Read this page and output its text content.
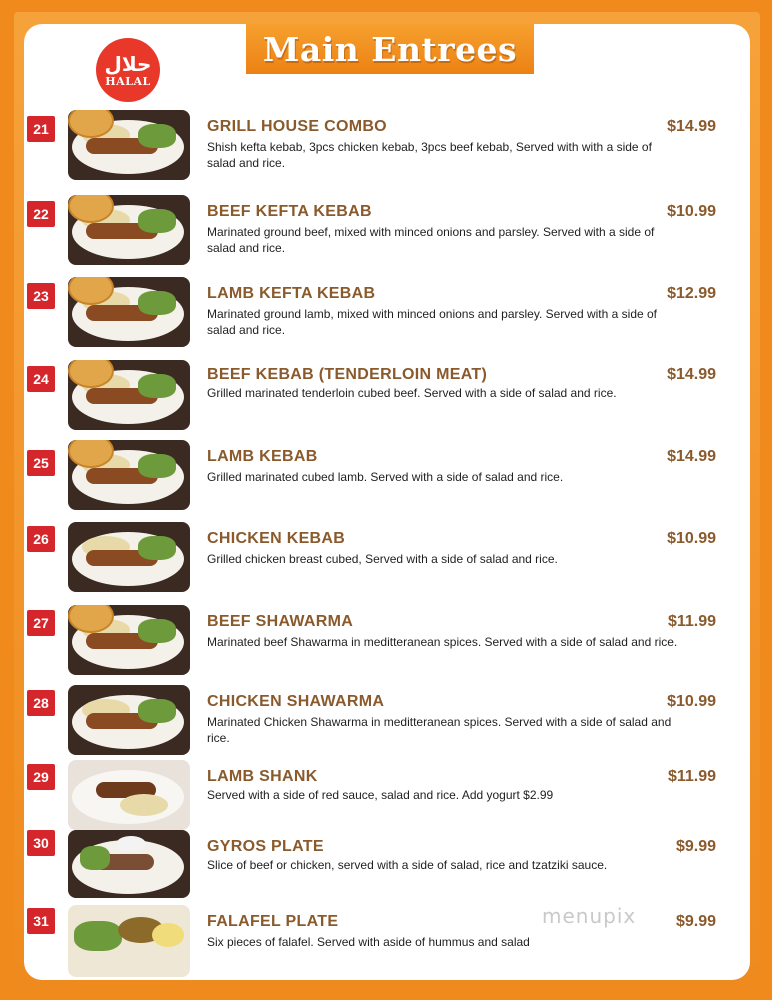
Main Entrees
حلال
HALAL
21	GRILL HOUSE COMBO	$14.99
Shish kefta kebab, 3pcs chicken kebab, 3pcs beef kebab, Served with with a side of salad and rice.
22	BEEF KEFTA KEBAB	$10.99
Marinated ground beef, mixed with minced onions and parsley. Served with a side of salad and rice.
23	LAMB KEFTA KEBAB	$12.99
Marinated ground lamb, mixed with minced onions and parsley. Served with a side of salad and rice.
24	BEEF KEBAB (TENDERLOIN MEAT)	$14.99
Grilled marinated tenderloin cubed beef. Served with a side of salad and rice.
25	LAMB KEBAB	$14.99
Grilled marinated cubed lamb. Served with a side of salad and rice.
26	CHICKEN KEBAB	$10.99
Grilled chicken breast cubed, Served with a side of salad and rice.
27	BEEF SHAWARMA	$11.99
Marinated beef Shawarma in meditteranean spices. Served with a side of salad and rice.
28	CHICKEN SHAWARMA	$10.99
Marinated Chicken Shawarma in meditteranean spices. Served with a side of salad and rice.
29	LAMB SHANK	$11.99
Served with a side of red sauce, salad and rice. Add yogurt $2.99
30	GYROS PLATE	$9.99
Slice of beef or chicken, served with a side of salad, rice and tzatziki sauce.
31	FALAFEL PLATE	$9.99
Six pieces of falafel. Served with aside of hummus and salad
menupix
